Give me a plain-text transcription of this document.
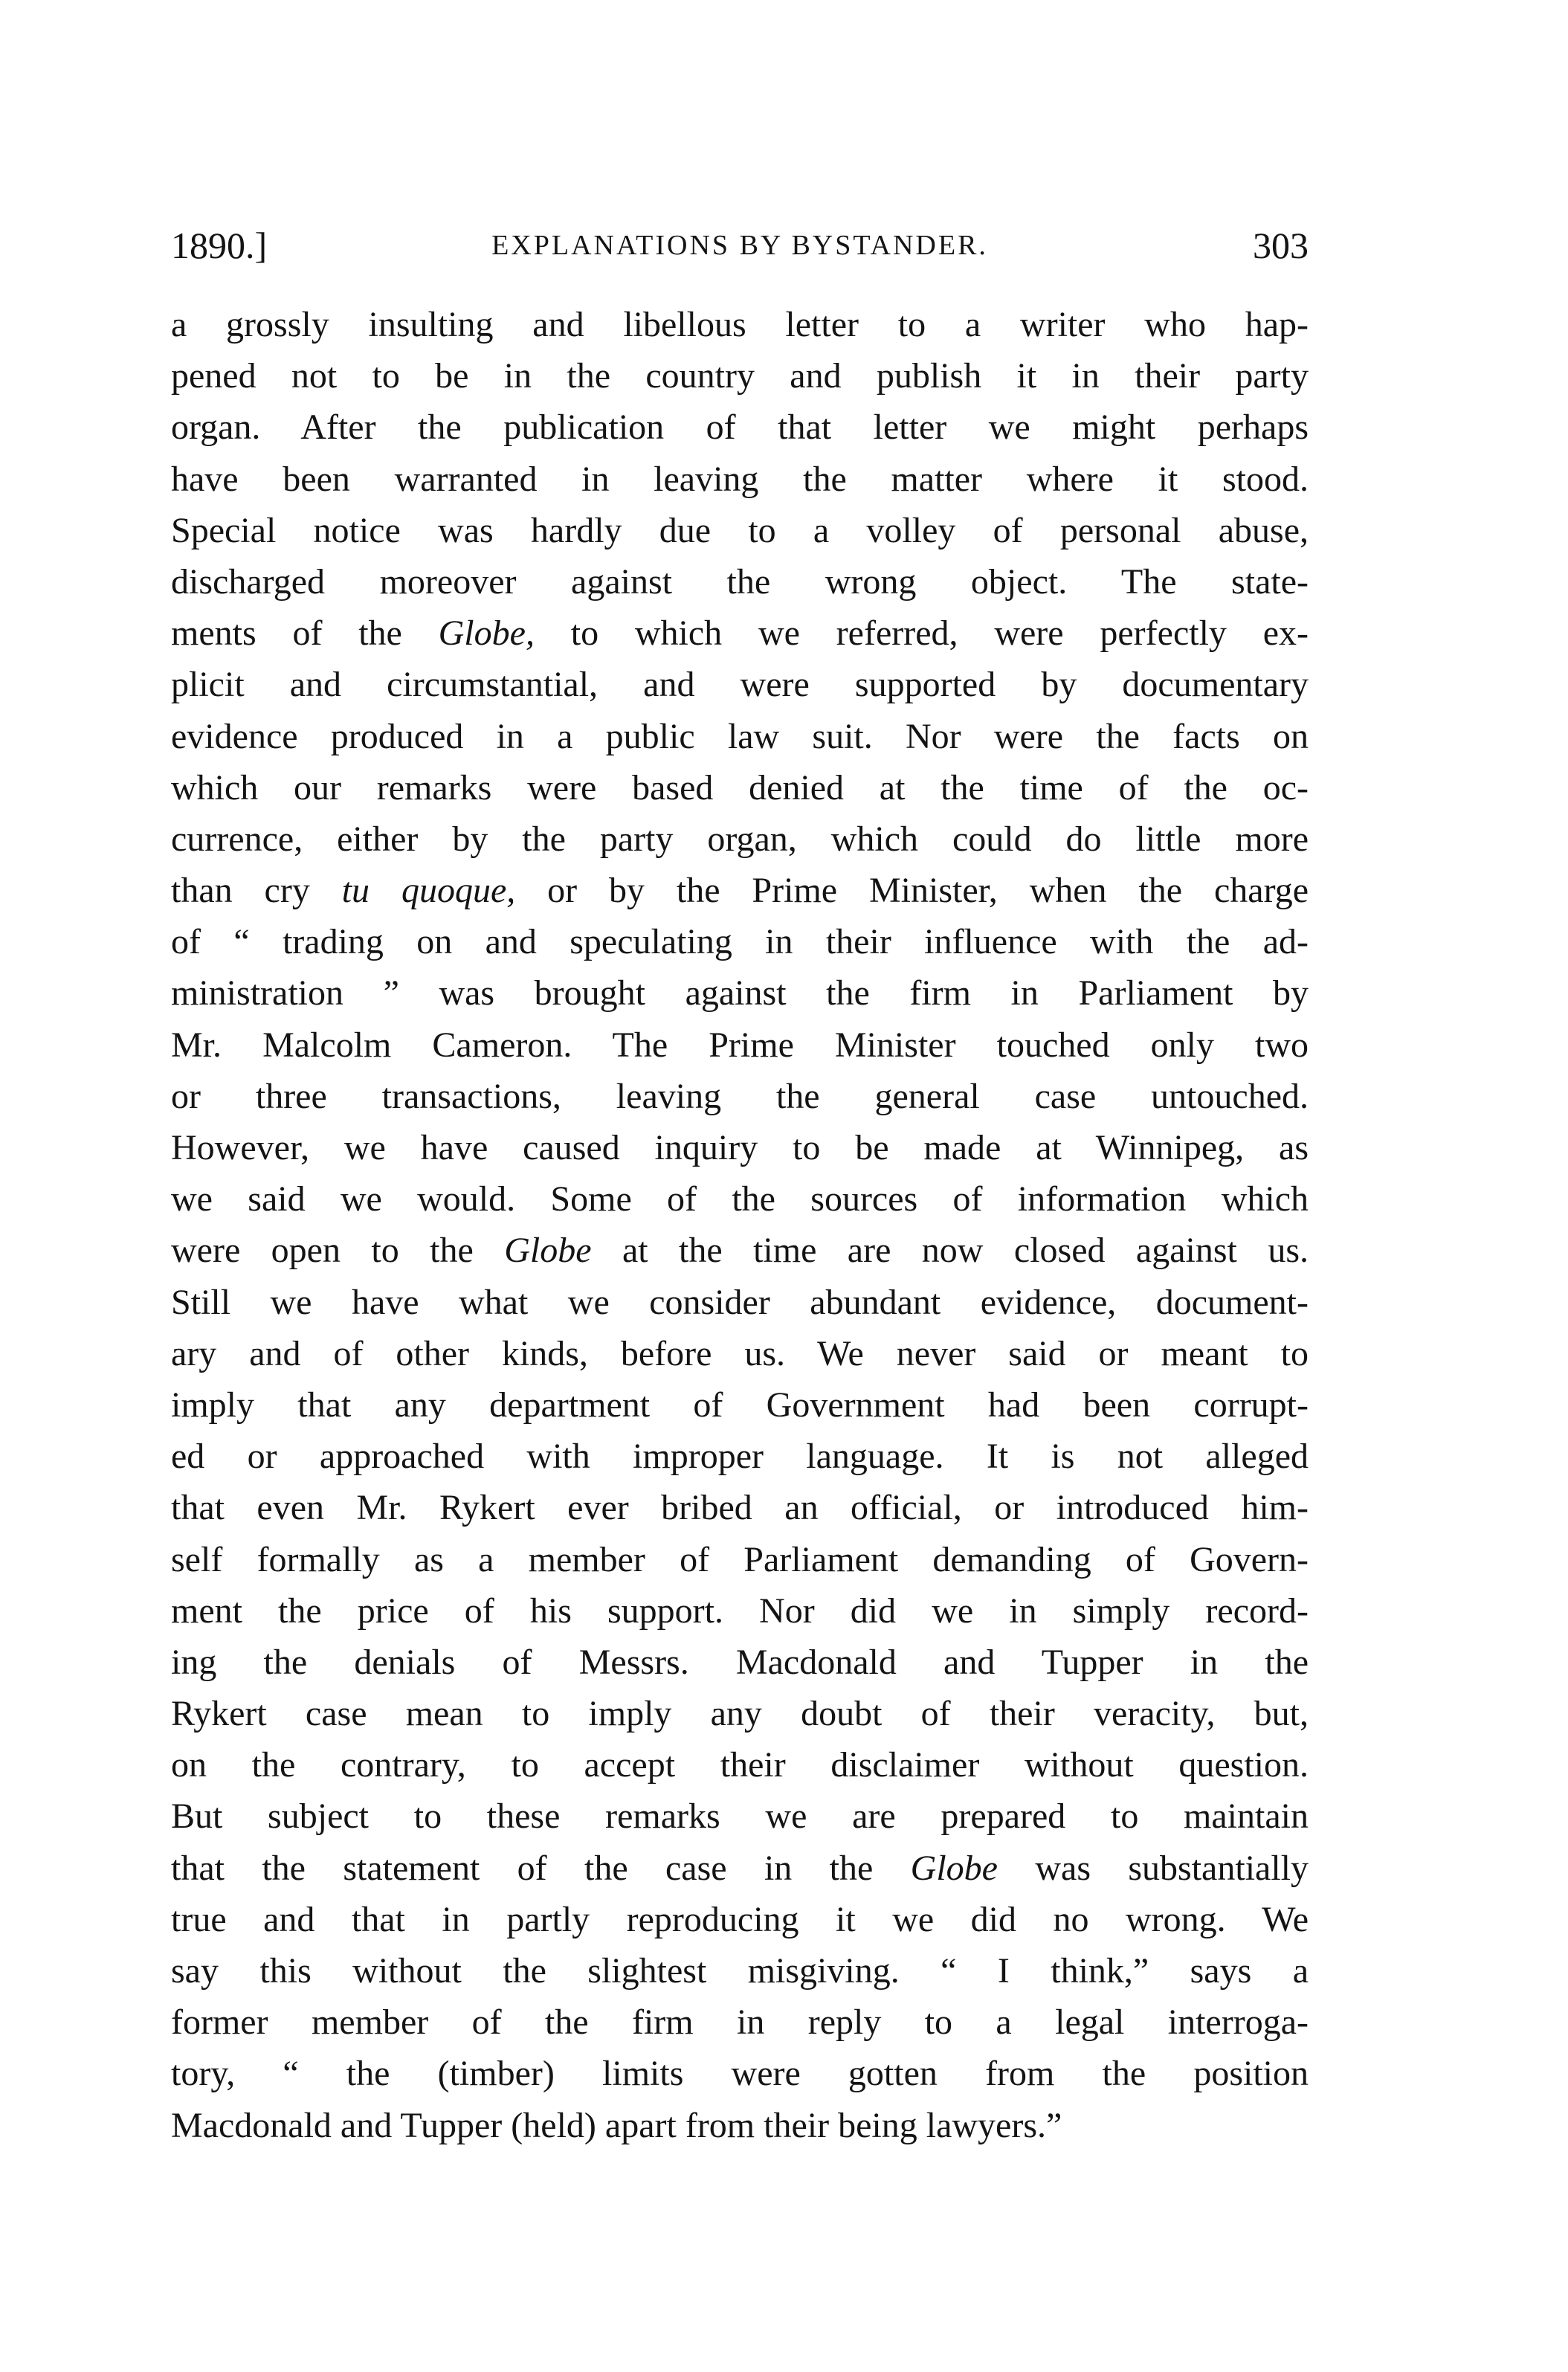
1890.]	EXPLANATIONS BY BYSTANDER.	303
a grossly insulting and libellous letter to a writer who hap-
pened not to be in the country and publish it in their party
organ. After the publication of that letter we might perhaps
have been warranted in leaving the matter where it stood.
Special notice was hardly due to a volley of personal abuse,
discharged moreover against the wrong object. The state-
ments of the Globe, to which we referred, were perfectly ex-
plicit and circumstantial, and were supported by documentary
evidence produced in a public law suit. Nor were the facts on
which our remarks were based denied at the time of the oc-
currence, either by the party organ, which could do little more
than cry tu quoque, or by the Prime Minister, when the charge
of “ trading on and speculating in their influence with the ad-
ministration ” was brought against the firm in Parliament by
Mr. Malcolm Cameron. The Prime Minister touched only two
or three transactions, leaving the general case untouched.
However, we have caused inquiry to be made at Winnipeg, as
we said we would. Some of the sources of information which
were open to the Globe at the time are now closed against us.
Still we have what we consider abundant evidence, document-
ary and of other kinds, before us. We never said or meant to
imply that any department of Government had been corrupt-
ed or approached with improper language. It is not alleged
that even Mr. Rykert ever bribed an official, or introduced him-
self formally as a member of Parliament demanding of Govern-
ment the price of his support. Nor did we in simply record-
ing the denials of Messrs. Macdonald and Tupper in the
Rykert case mean to imply any doubt of their veracity, but,
on the contrary, to accept their disclaimer without question.
But subject to these remarks we are prepared to maintain
that the statement of the case in the Globe was substantially
true and that in partly reproducing it we did no wrong. We
say this without the slightest misgiving. “ I think,” says a
former member of the firm in reply to a legal interroga-
tory, “ the (timber) limits were gotten from the position
Macdonald and Tupper (held) apart from their being lawyers.”
